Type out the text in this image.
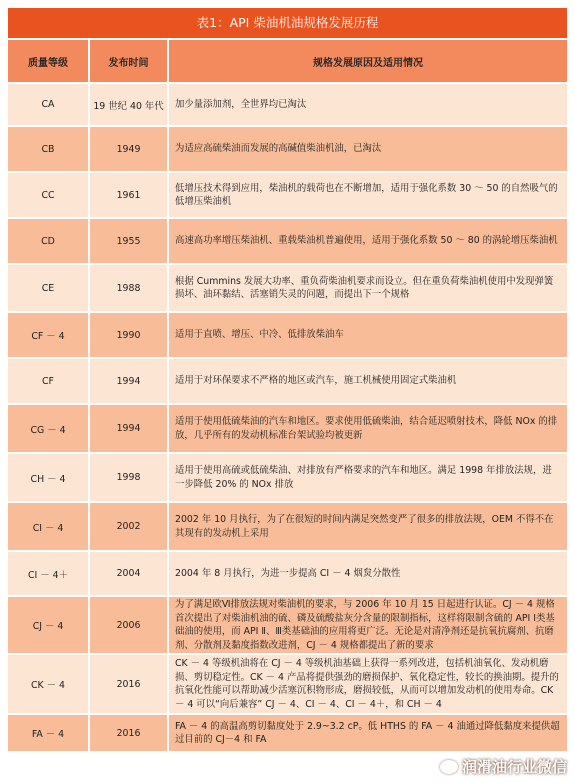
表1：API 柴油机油规格发展历程
质量等级	发布时间	规格发展原因及适用情况
CA	19 世纪 40 年代	加少量添加剂，全世界均已淘汰
CB	1949	为适应高硫柴油而发展的高碱值柴油机油，已淘汰
CC	1961	低增压技术得到应用，柴油机的载荷也在不断增加，适用于强化系数 30 ～ 50 的自然吸气的低增压柴油机
CD	1955	高速高功率增压柴油机、重载柴油机普遍使用，适用于强化系数 50 ～ 80 的涡轮增压柴油机
CE	1988	根据 Cummins 发展大功率、重负荷柴油机要求而设立。但在重负荷柴油机使用中发现弹簧损坏、油环黏结、活塞销失灵的问题，而提出下一个规格
CF － 4	1990	适用于直喷、增压、中冷、低排放柴油车
CF	1994	适用于对环保要求不严格的地区或汽车，施工机械使用固定式柴油机
CG － 4	1994	适用于使用低硫柴油的汽车和地区。要求使用低硫柴油，结合延迟喷射技术，降低 NOx 的排放，几乎所有的发动机标准台架试验均被更新
CH － 4	1998	适用于使用高硫或低硫柴油、对排放有严格要求的汽车和地区。满足 1998 年排放法规，进一步降低 20% 的 NOx 排放
CI － 4	2002	2002 年 10 月执行，为了在很短的时间内满足突然变严了很多的排放法规，OEM 不得不在其现有的发动机上采用
CI － 4＋	2004	2004 年 8 月执行，为进一步提高 CI － 4 烟炱分散性
CJ － 4	2006	为了满足欧Ⅵ排放法规对柴油机的要求，与 2006 年 10 月 15 日起进行认证。CJ － 4 规格首次提出了对柴油机油的硫、磷及硫酸盐灰分含量的限制指标，这样将限制含硫的 API Ⅰ类基础油的使用，而 API Ⅱ、Ⅲ类基础油的应用将更广泛。无论是对清净剂还是抗氧抗腐剂、抗磨剂、分散剂及黏度指数改进剂，CJ － 4 规格都提出了新的要求
CK － 4	2016	CK － 4 等级机油将在 CJ － 4 等级机油基础上获得一系列改进，包括机油氧化、发动机磨损、剪切稳定性。CK － 4 产品将提供强劲的磨损保护、氧化稳定性，较长的换油期。提升的抗氧化性能可以帮助减少活塞沉积物形成，磨损较低，从而可以增加发动机的使用寿命。CK － 4 可以“向后兼容” CJ － 4、CI － 4、CI － 4＋，和 CH － 4
FA － 4	2016	FA － 4 的高温高剪切黏度处于 2.9~3.2 cP。低 HTHS 的 FA － 4 油通过降低黏度来提供超过目前的 CJ－4 和 FA
润滑油行业微信
